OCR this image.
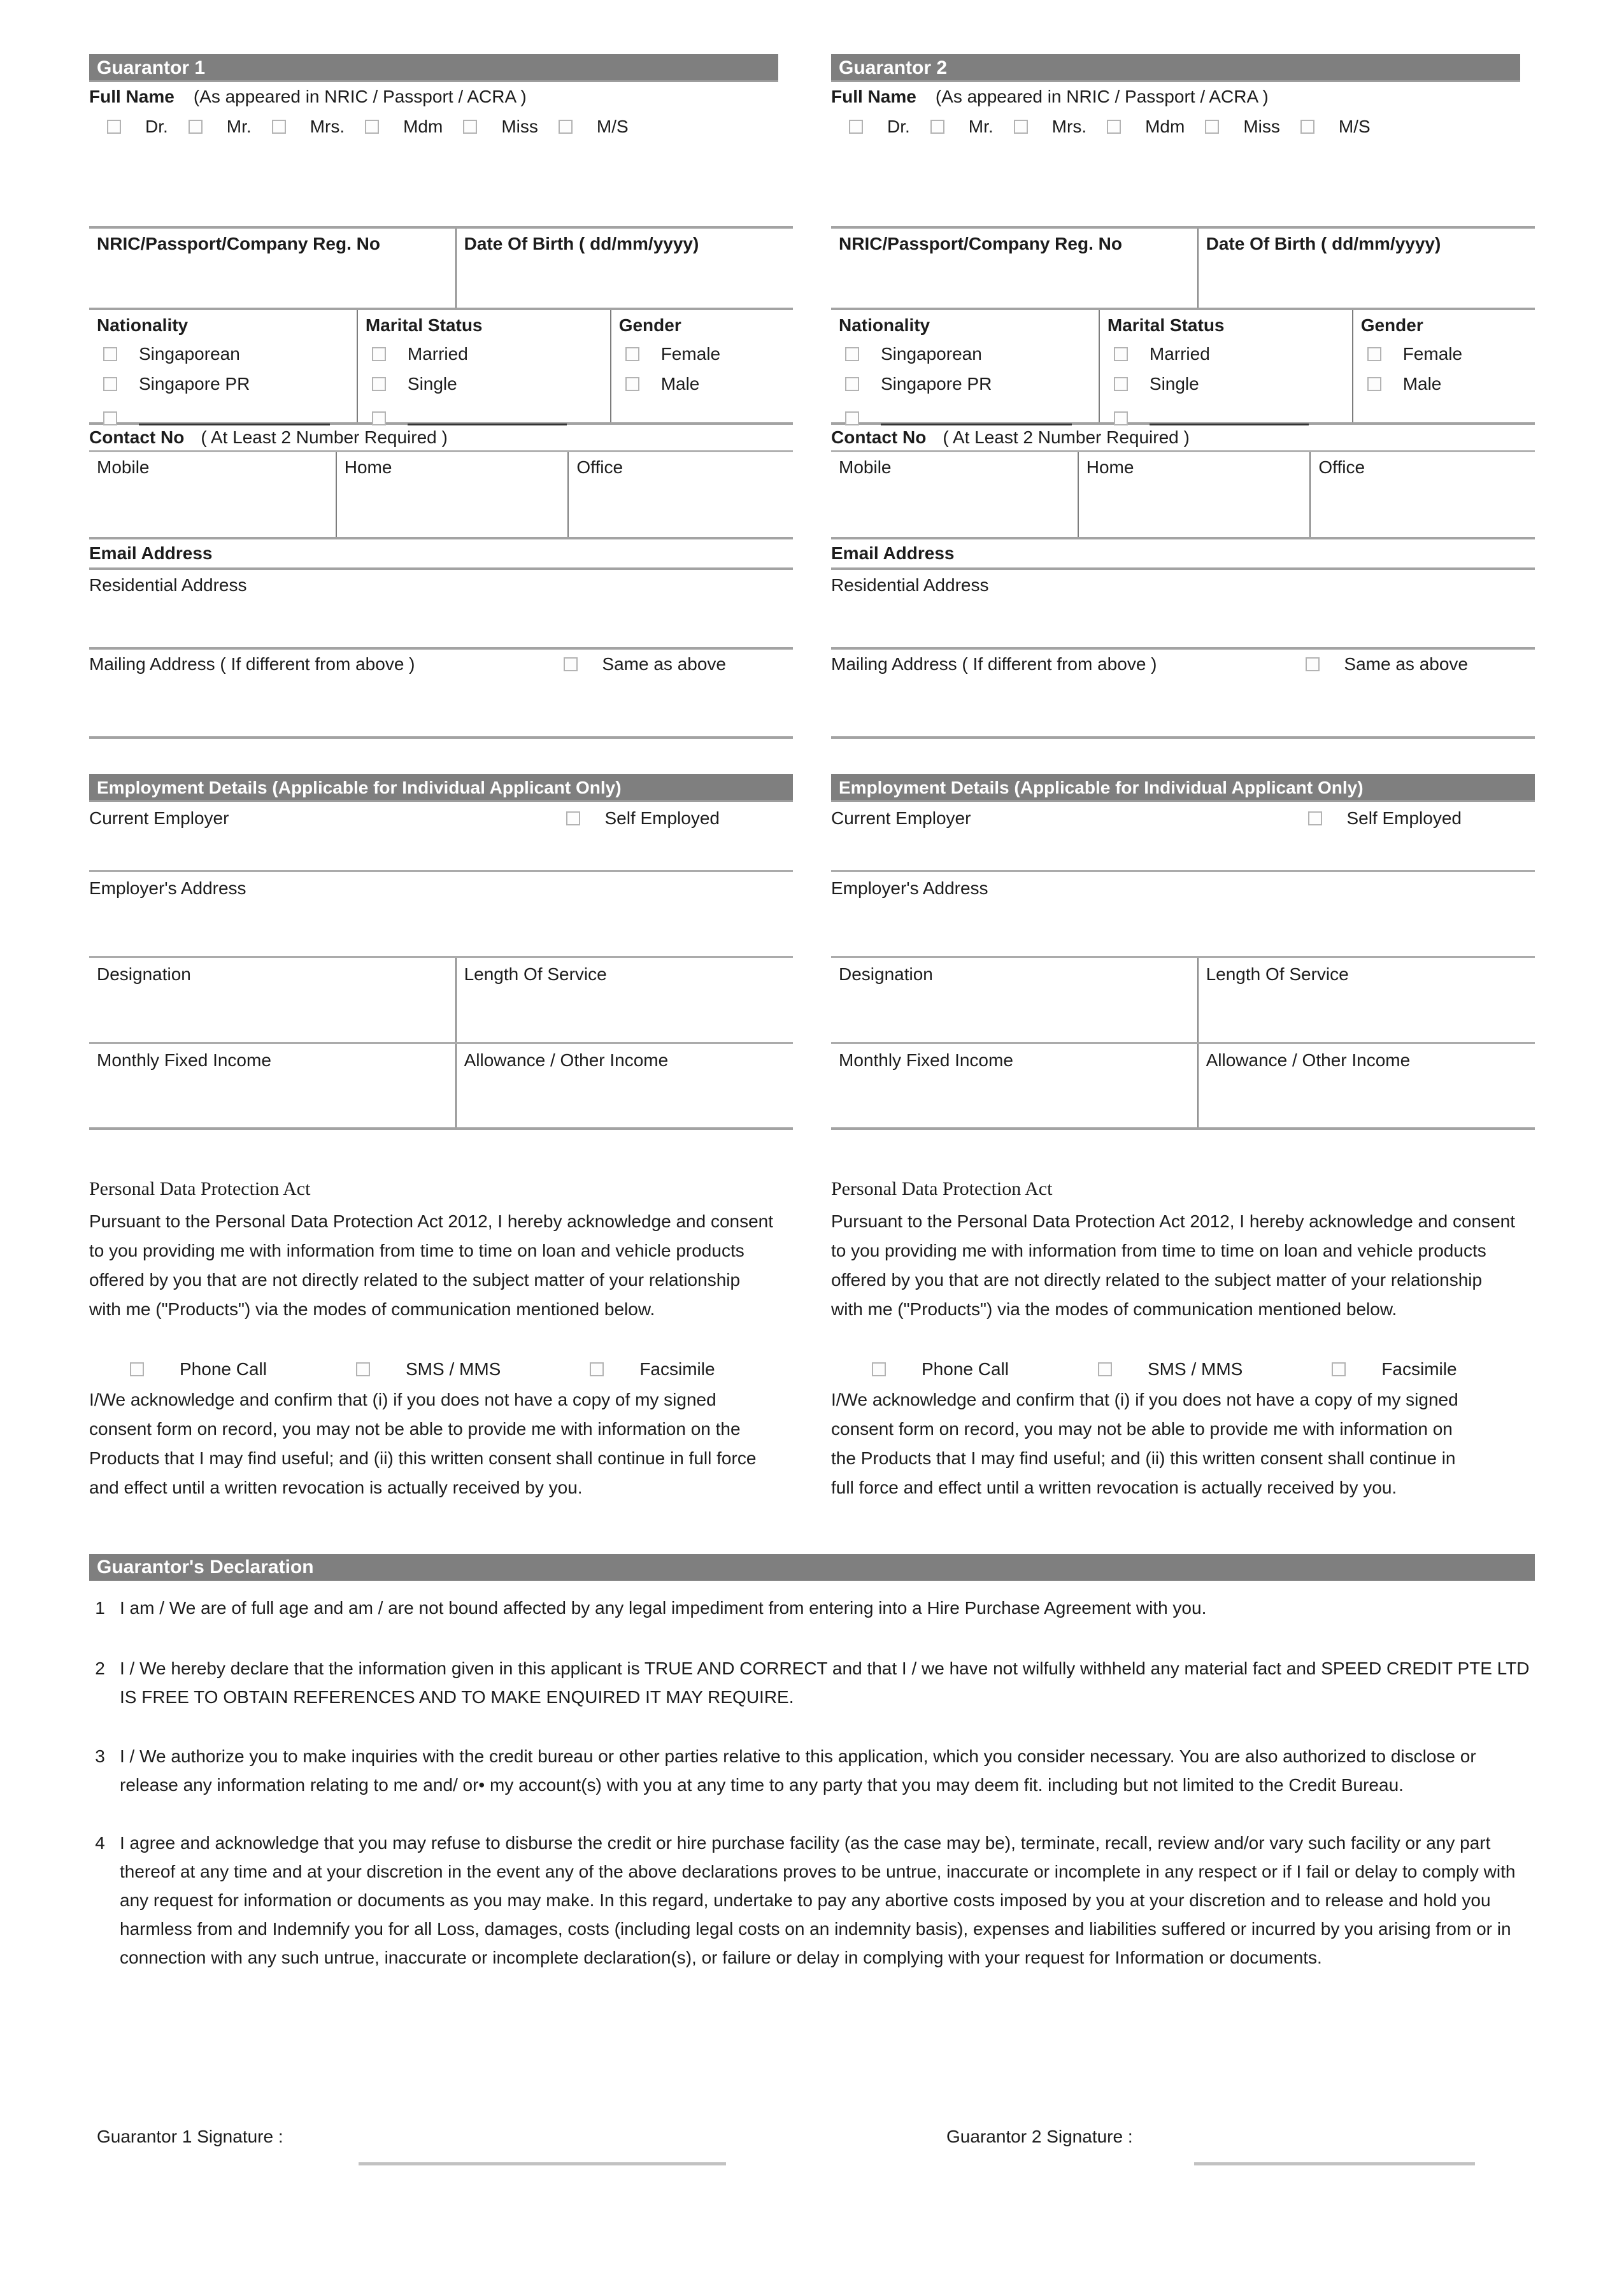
Guarantor 1
Full Name (As appeared in NRIC / Passport / ACRA )
Dr.	Mr.	Mrs.	Mdm	Miss	M/S
NRIC/Passport/Company Reg. No	Date Of Birth ( dd/mm/yyyy)
Nationality
Singaporean
Singapore PR
Marital Status
Married
Single
Gender
Female
Male
Contact No ( At Least 2 Number Required )
Mobile	Home	Office
Email Address
Residential Address
Mailing Address ( If different from above )	Same as above
Employment Details (Applicable for Individual Applicant Only)
Current Employer	Self Employed
Employer's Address
Designation	Length Of Service
Monthly Fixed Income	Allowance / Other Income
Personal Data Protection Act

Pursuant to the Personal Data Protection Act 2012, I hereby acknowledge and consent to you providing me with information from time to time on loan and vehicle products offered by you that are not directly related to the subject matter of your relationship with me ("Products") via the modes of communication mentioned below.

Phone Call	SMS / MMS	Facsimile

I/We acknowledge and confirm that (i) if you does not have a copy of my signed consent form on record, you may not be able to provide me with information on the Products that I may find useful; and (ii) this written consent shall continue in full force and effect until a written revocation is actually received by you.

Guarantor 2
Full Name (As appeared in NRIC / Passport / ACRA )
Dr.	Mr.	Mrs.	Mdm	Miss	M/S
NRIC/Passport/Company Reg. No	Date Of Birth ( dd/mm/yyyy)
Nationality
Singaporean
Singapore PR
Marital Status
Married
Single
Gender
Female
Male
Contact No ( At Least 2 Number Required )
Mobile	Home	Office
Email Address
Residential Address
Mailing Address ( If different from above )	Same as above
Employment Details (Applicable for Individual Applicant Only)
Current Employer	Self Employed
Employer's Address
Designation	Length Of Service
Monthly Fixed Income	Allowance / Other Income
Personal Data Protection Act

Pursuant to the Personal Data Protection Act 2012, I hereby acknowledge and consent to you providing me with information from time to time on loan and vehicle products offered by you that are not directly related to the subject matter of your relationship with me ("Products") via the modes of communication mentioned below.

Phone Call	SMS / MMS	Facsimile

I/We acknowledge and confirm that (i) if you does not have a copy of my signed consent form on record, you may not be able to provide me with information on the Products that I may find useful; and (ii) this written consent shall continue in full force and effect until a written revocation is actually received by you.

Guarantor's Declaration
1 I am / We are of full age and am / are not bound affected by any legal impediment from entering into a Hire Purchase Agreement with you.

2 I / We hereby declare that the information given in this applicant is TRUE AND CORRECT and that I / we have not wilfully withheld any material fact and SPEED CREDIT PTE LTD IS FREE TO OBTAIN REFERENCES AND TO MAKE ENQUIRED IT MAY REQUIRE.

3 I / We authorize you to make inquiries with the credit bureau or other parties relative to this application, which you consider necessary. You are also authorized to disclose or release any information relating to me and/ or• my account(s) with you at any time to any party that you may deem fit. including but not limited to the Credit Bureau.

4 I agree and acknowledge that you may refuse to disburse the credit or hire purchase facility (as the case may be), terminate, recall, review and/or vary such facility or any part thereof at any time and at your discretion in the event any of the above declarations proves to be untrue, inaccurate or incomplete in any respect or if I fail or delay to comply with any request for information or documents as you may make. In this regard, undertake to pay any abortive costs imposed by you at your discretion and to release and hold you harmless from and Indemnify you for all Loss, damages, costs (including legal costs on an indemnity basis), expenses and liabilities suffered or incurred by you arising from or in connection with any such untrue, inaccurate or incomplete declaration(s), or failure or delay in complying with your request for Information or documents.

Guarantor 1 Signature :	Guarantor 2 Signature :
